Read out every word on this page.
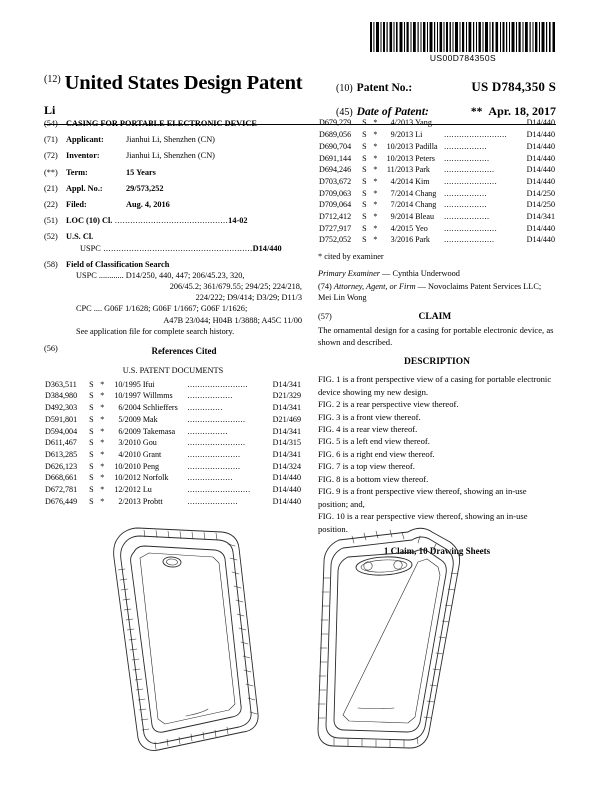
US00D784350S
(12) United States Design Patent	(10) Patent No.:	US D784,350 S
Li	(45) Date of Patent:	** Apr. 18, 2017
(54) CASING FOR PORTABLE ELECTRONIC DEVICE
(71) Applicant:	Jianhui Li, Shenzhen (CN)
(72) Inventor:	Jianhui Li, Shenzhen (CN)
(**) Term:	15 Years
(21) Appl. No.:	29/573,252
(22) Filed:	Aug. 4, 2016
(51) LOC (10) Cl. ............................................14-02
(52) U.S. Cl.
USPC ..........................................................D14/440
(58) Field of Classification Search
USPC ............ D14/250, 440, 447; 206/45.23, 320,
206/45.2; 361/679.55; 294/25; 224/218,
224/222; D9/414; D3/29; D11/3
CPC .... G06F 1/1628; G06F 1/1667; G06F 1/1626;
A47B 23/044; H04B 1/3888; A45C 11/00
See application file for complete search history.
(56)	References Cited
U.S. PATENT DOCUMENTS
D363,511	S	*	10/1995	Ifui	........................	D14/341
D384,980	S	*	10/1997	Willmms	..................	D21/329
D492,303	S	*	6/2004	Schlieffers	..............	D14/341
D591,801	S	*	5/2009	Mak	.......................	D21/469
D594,004	S	*	6/2009	Takemasa	................	D14/341
D611,467	S	*	3/2010	Gou	.......................	D14/315
D613,285	S	*	4/2010	Grant	.....................	D14/341
D626,123	S	*	10/2010	Peng	.....................	D14/324
D668,661	S	*	10/2012	Norfolk	..................	D14/440
D672,781	S	*	12/2012	Lu	.........................	D14/440
D676,449	S	*	2/2013	Probtt	....................	D14/440
D679,279	S	*	4/2013	Yang	....................	D14/440
D689,056	S	*	9/2013	Li	.........................	D14/440
D690,704	S	*	10/2013	Padilla	.................	D14/440
D691,144	S	*	10/2013	Peters	..................	D14/440
D694,246	S	*	11/2013	Park	....................	D14/440
D703,672	S	*	4/2014	Kim	.....................	D14/440
D709,063	S	*	7/2014	Chang	.................	D14/250
D709,064	S	*	7/2014	Chang	.................	D14/250
D712,412	S	*	9/2014	Bleau	..................	D14/341
D727,917	S	*	4/2015	Yeo	.....................	D14/440
D752,052	S	*	3/2016	Park	....................	D14/440
* cited by examiner
Primary Examiner — Cynthia Underwood
(74) Attorney, Agent, or Firm — Novoclaims Patent Services LLC; Mei Lin Wong
(57)	CLAIM
The ornamental design for a casing for portable electronic device, as shown and described.
DESCRIPTION
FIG. 1 is a front perspective view of a casing for portable electronic device showing my new design.
FIG. 2 is a rear perspective view thereof.
FIG. 3 is a front view thereof.
FIG. 4 is a rear view thereof.
FIG. 5 is a left end view thereof.
FIG. 6 is a right end view thereof.
FIG. 7 is a top view thereof.
FIG. 8 is a bottom view thereof.
FIG. 9 is a front perspective view thereof, showing an in-use position; and,
FIG. 10 is a rear perspective view thereof, showing an in-use position.
1 Claim, 10 Drawing Sheets
